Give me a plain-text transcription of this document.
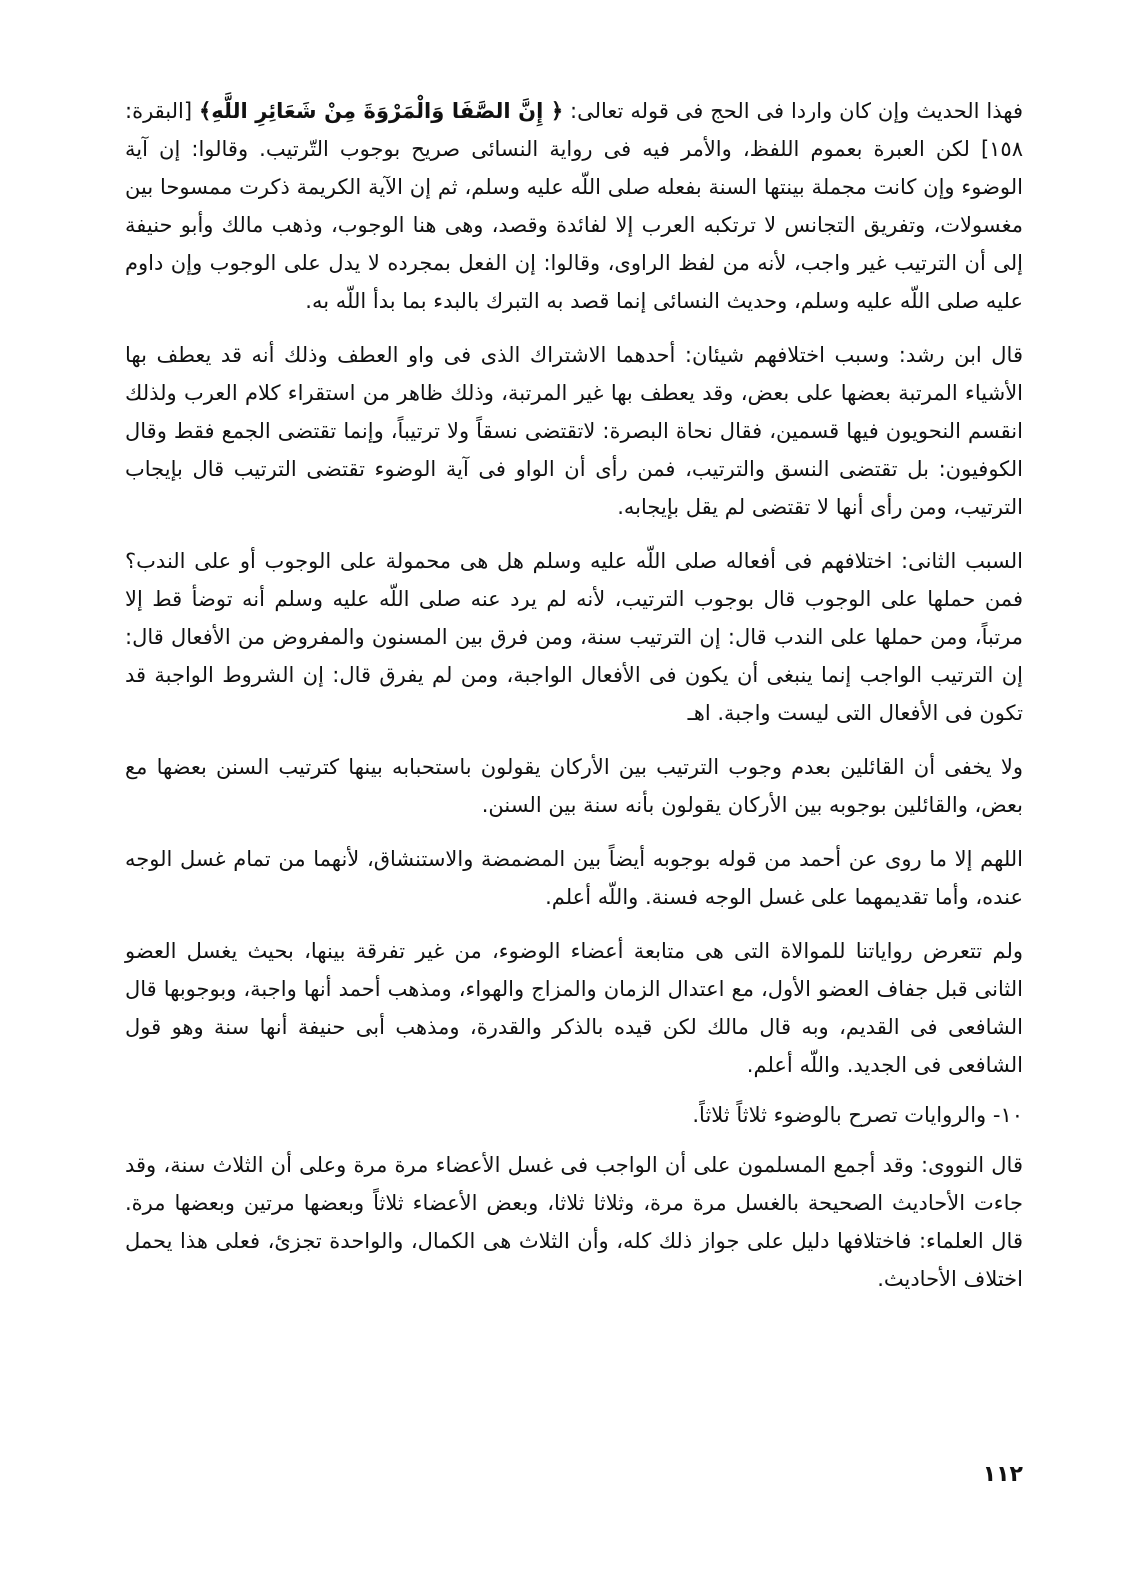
فهذا الحديث وإن كان واردا فى الحج فى قوله تعالى: ﴿ إِنَّ الصَّفَا وَالْمَرْوَةَ مِنْ شَعَائِرِ اللَّهِ﴾ [البقرة: ١٥٨] لكن العبرة بعموم اللفظ، والأمر فيه فى رواية النسائى صريح بوجوب التّرتيب. وقالوا: إن آية الوضوء وإن كانت مجملة بينتها السنة بفعله صلى اللّه عليه وسلم، ثم إن الآية الكريمة ذكرت ممسوحا بين مغسولات، وتفريق التجانس لا ترتكبه العرب إلا لفائدة وقصد، وهى هنا الوجوب، وذهب مالك وأبو حنيفة إلى أن الترتيب غير واجب، لأنه من لفظ الراوى، وقالوا: إن الفعل بمجرده لا يدل على الوجوب وإن داوم عليه صلى اللّه عليه وسلم، وحديث النسائى إنما قصد به التبرك بالبدء بما بدأ اللّه به.

قال ابن رشد: وسبب اختلافهم شيئان: أحدهما الاشتراك الذى فى واو العطف وذلك أنه قد يعطف بها الأشياء المرتبة بعضها على بعض، وقد يعطف بها غير المرتبة، وذلك ظاهر من استقراء كلام العرب ولذلك انقسم النحويون فيها قسمين، فقال نحاة البصرة: لاتقتضى نسقاً ولا ترتيباً، وإنما تقتضى الجمع فقط وقال الكوفيون: بل تقتضى النسق والترتيب، فمن رأى أن الواو فى آية الوضوء تقتضى الترتيب قال بإيجاب الترتيب، ومن رأى أنها لا تقتضى لم يقل بإيجابه.

السبب الثانى: اختلافهم فى أفعاله صلى اللّه عليه وسلم هل هى محمولة على الوجوب أو على الندب؟ فمن حملها على الوجوب قال بوجوب الترتيب، لأنه لم يرد عنه صلى اللّه عليه وسلم أنه توضأ قط إلا مرتباً، ومن حملها على الندب قال: إن الترتيب سنة، ومن فرق بين المسنون والمفروض من الأفعال قال: إن الترتيب الواجب إنما ينبغى أن يكون فى الأفعال الواجبة، ومن لم يفرق قال: إن الشروط الواجبة قد تكون فى الأفعال التى ليست واجبة. اهـ

ولا يخفى أن القائلين بعدم وجوب الترتيب بين الأركان يقولون باستحبابه بينها كترتيب السنن بعضها مع بعض، والقائلين بوجوبه بين الأركان يقولون بأنه سنة بين السنن.

اللهم إلا ما روى عن أحمد من قوله بوجوبه أيضاً بين المضمضة والاستنشاق، لأنهما من تمام غسل الوجه عنده، وأما تقديمهما على غسل الوجه فسنة. واللّه أعلم.

ولم تتعرض رواياتنا للموالاة التى هى متابعة أعضاء الوضوء، من غير تفرقة بينها، بحيث يغسل العضو الثانى قبل جفاف العضو الأول، مع اعتدال الزمان والمزاج والهواء، ومذهب أحمد أنها واجبة، وبوجوبها قال الشافعى فى القديم، وبه قال مالك لكن قيده بالذكر والقدرة، ومذهب أبى حنيفة أنها سنة وهو قول الشافعى فى الجديد. واللّه أعلم.

١٠- والروايات تصرح بالوضوء ثلاثاً ثلاثاً.

قال النووى: وقد أجمع المسلمون على أن الواجب فى غسل الأعضاء مرة مرة وعلى أن الثلاث سنة، وقد جاءت الأحاديث الصحيحة بالغسل مرة مرة، وثلاثا ثلاثا، وبعض الأعضاء ثلاثاً وبعضها مرتين وبعضها مرة. قال العلماء: فاختلافها دليل على جواز ذلك كله، وأن الثلاث هى الكمال، والواحدة تجزئ، فعلى هذا يحمل اختلاف الأحاديث.

١١٢
